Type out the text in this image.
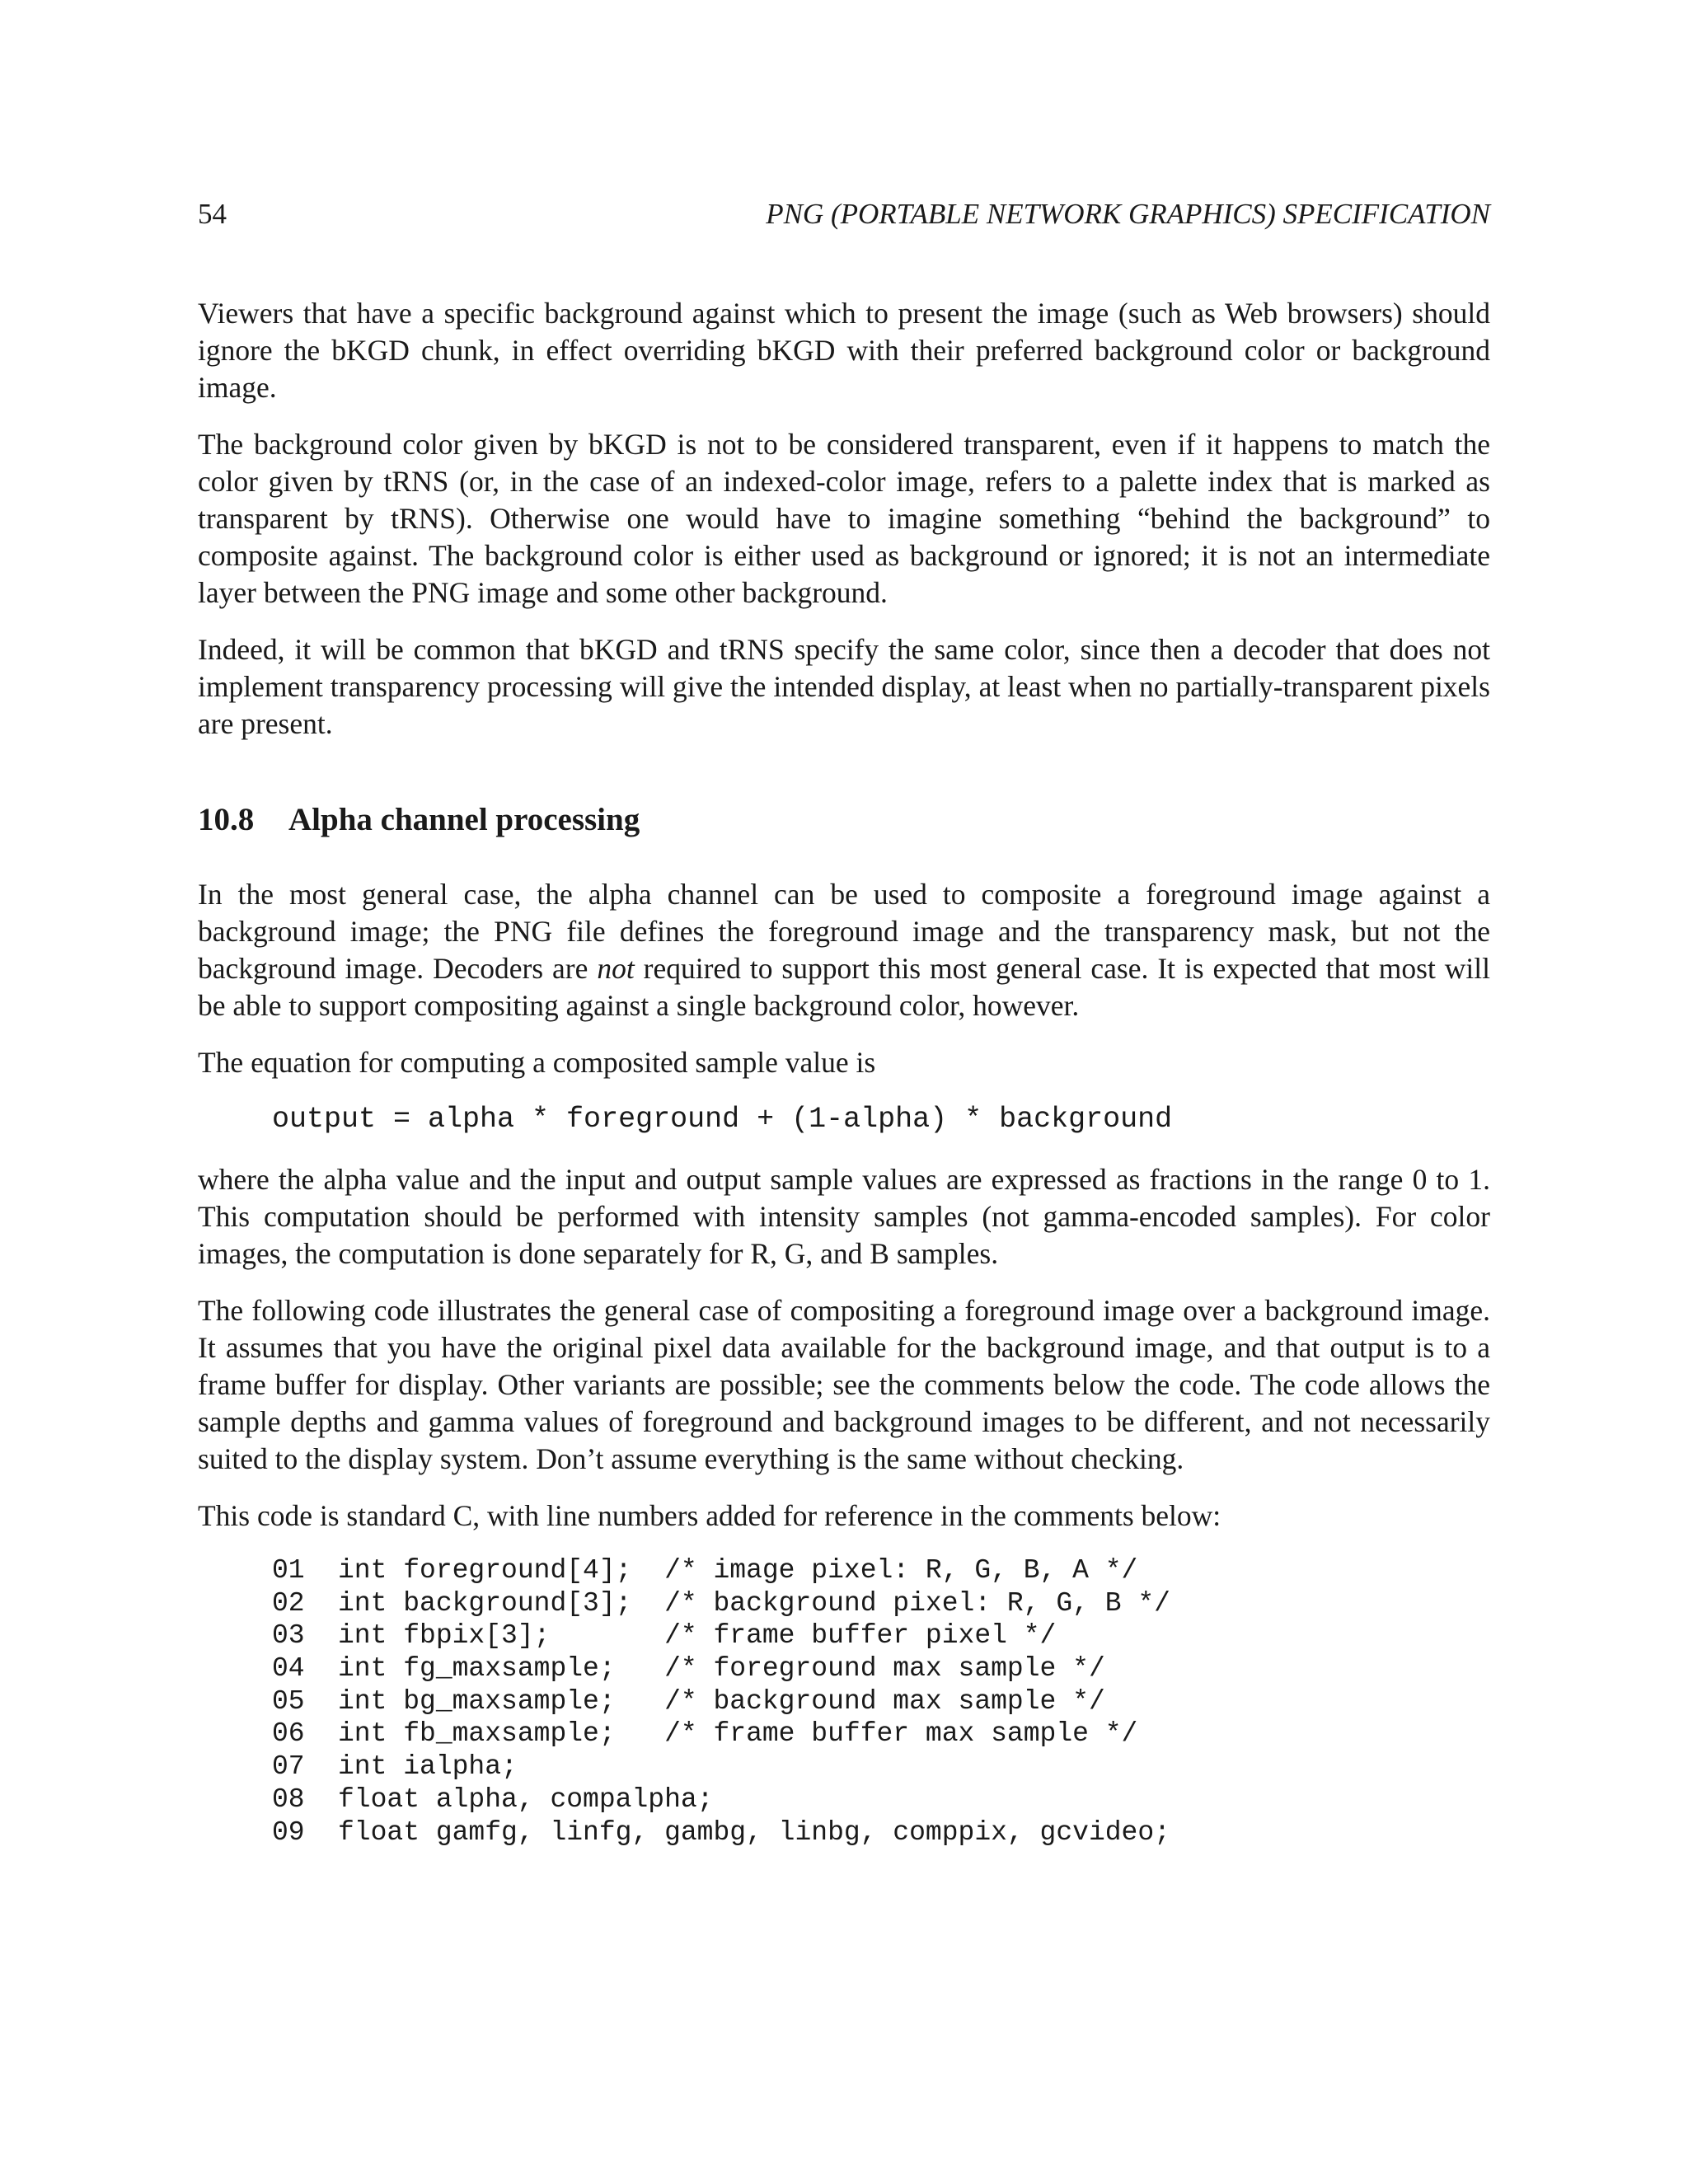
54	PNG (PORTABLE NETWORK GRAPHICS) SPECIFICATION

Viewers that have a specific background against which to present the image (such as Web browsers) should ignore the bKGD chunk, in effect overriding bKGD with their preferred background color or background image.

The background color given by bKGD is not to be considered transparent, even if it happens to match the color given by tRNS (or, in the case of an indexed-color image, refers to a palette index that is marked as transparent by tRNS). Otherwise one would have to imagine something “behind the background” to composite against. The background color is either used as background or ignored; it is not an intermediate layer between the PNG image and some other background.

Indeed, it will be common that bKGD and tRNS specify the same color, since then a decoder that does not implement transparency processing will give the intended display, at least when no partially-transparent pixels are present.

10.8 Alpha channel processing

In the most general case, the alpha channel can be used to composite a foreground image against a background image; the PNG file defines the foreground image and the transparency mask, but not the background image. Decoders are not required to support this most general case. It is expected that most will be able to support compositing against a single background color, however.

The equation for computing a composited sample value is

output = alpha * foreground + (1-alpha) * background

where the alpha value and the input and output sample values are expressed as fractions in the range 0 to 1. This computation should be performed with intensity samples (not gamma-encoded samples). For color images, the computation is done separately for R, G, and B samples.

The following code illustrates the general case of compositing a foreground image over a background image. It assumes that you have the original pixel data available for the background image, and that output is to a frame buffer for display. Other variants are possible; see the comments below the code. The code allows the sample depths and gamma values of foreground and background images to be different, and not necessarily suited to the display system. Don’t assume everything is the same without checking.

This code is standard C, with line numbers added for reference in the comments below:

01 int foreground[4];  /* image pixel: R, G, B, A */
02 int background[3];  /* background pixel: R, G, B */
03 int fbpix[3];       /* frame buffer pixel */
04 int fg_maxsample;   /* foreground max sample */
05 int bg_maxsample;   /* background max sample */
06 int fb_maxsample;   /* frame buffer max sample */
07 int ialpha;
08 float alpha, compalpha;
09 float gamfg, linfg, gambg, linbg, comppix, gcvideo;
